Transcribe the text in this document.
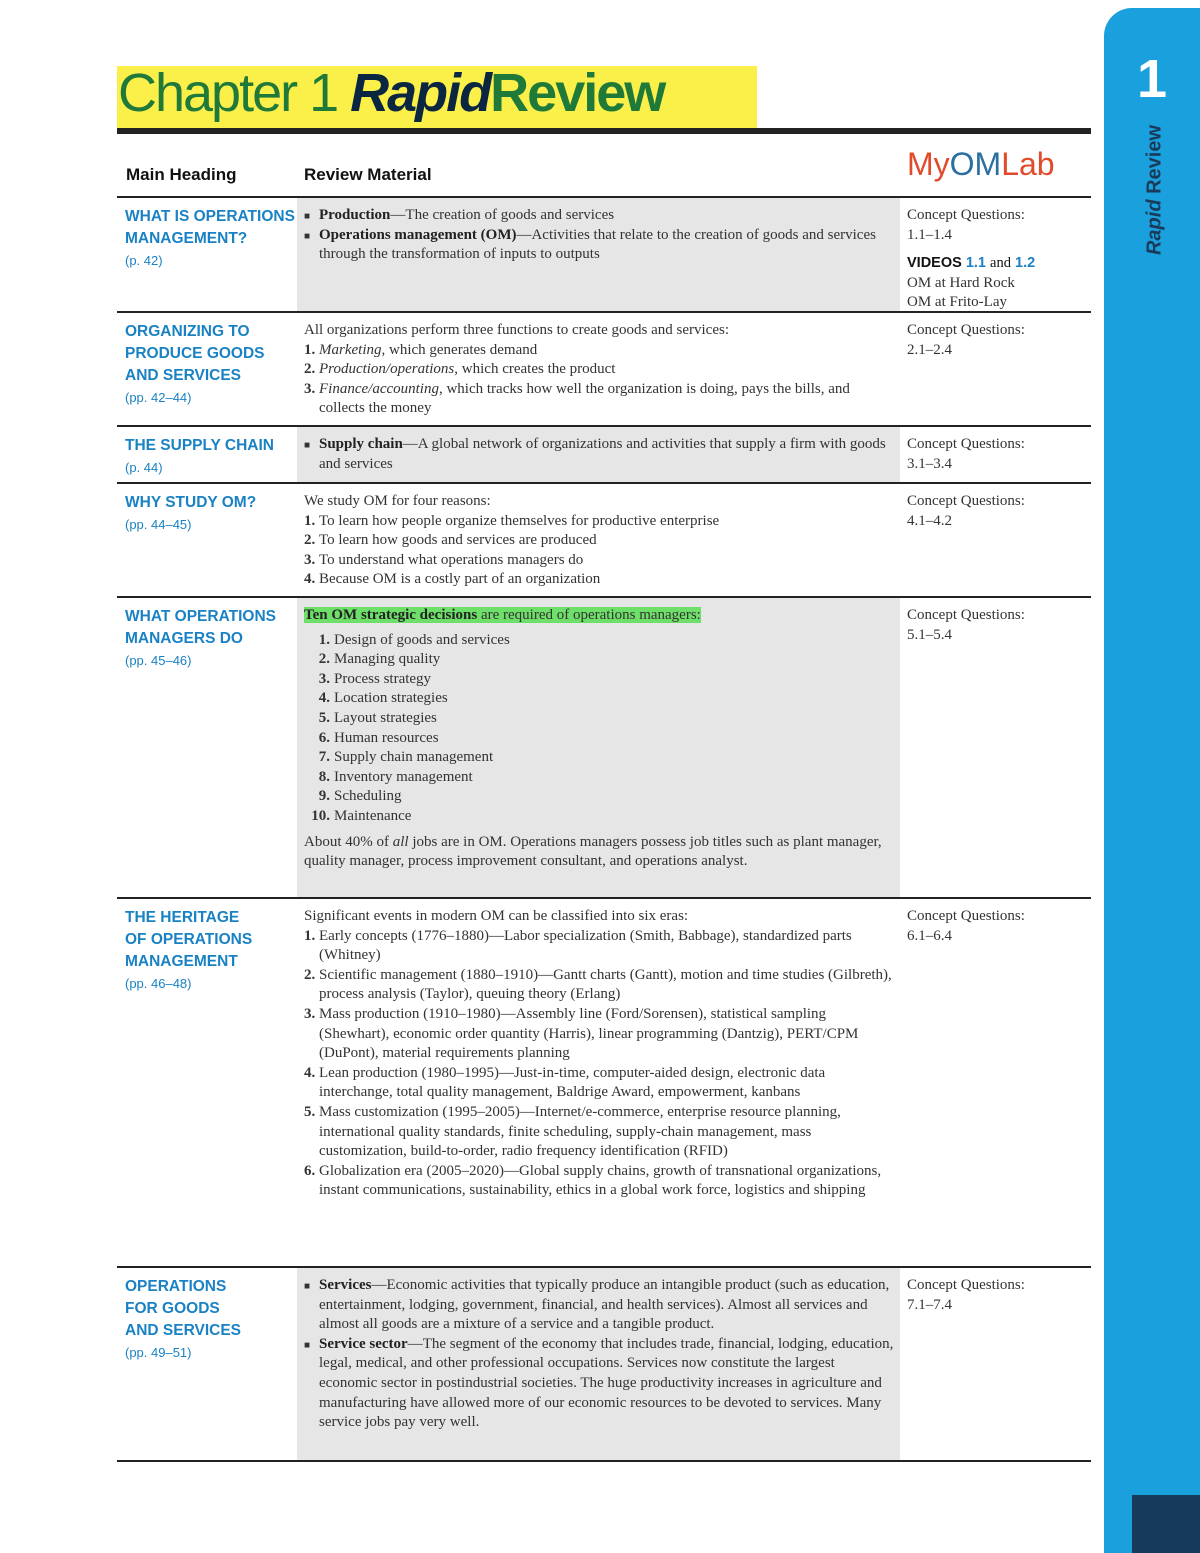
1
Rapid Review
Chapter 1 RapidReview
Main Heading	Review Material	MyOMLab
WHAT IS OPERATIONS
MANAGEMENT?
(p. 42)
■ Production—The creation of goods and services
■ Operations management (OM)—Activities that relate to the creation of goods and services through the transformation of inputs to outputs
Concept Questions:
1.1–1.4
VIDEOS 1.1 and 1.2
OM at Hard Rock
OM at Frito-Lay
ORGANIZING TO
PRODUCE GOODS
AND SERVICES
(pp. 42–44)

All organizations perform three functions to create goods and services:

1. Marketing, which generates demand
2. Production/operations, which creates the product
3. Finance/accounting, which tracks how well the organization is doing, pays the bills, and collects the money
Concept Questions:
2.1–2.4
THE SUPPLY CHAIN
(p. 44)
■ Supply chain—A global network of organizations and activities that supply a firm with goods and services
Concept Questions:
3.1–3.4
WHY STUDY OM?
(pp. 44–45)

We study OM for four reasons:

1. To learn how people organize themselves for productive enterprise
2. To learn how goods and services are produced
3. To understand what operations managers do
4. Because OM is a costly part of an organization
Concept Questions:
4.1–4.2
WHAT OPERATIONS
MANAGERS DO
(pp. 45–46)

Ten OM strategic decisions are required of operations managers:

1. Design of goods and services
2. Managing quality
3. Process strategy
4. Location strategies
5. Layout strategies
6. Human resources
7. Supply chain management
8. Inventory management
9. Scheduling
10. Maintenance

About 40% of all jobs are in OM. Operations managers possess job titles such as plant manager, quality manager, process improvement consultant, and operations analyst.

Concept Questions:
5.1–5.4
THE HERITAGE
OF OPERATIONS
MANAGEMENT
(pp. 46–48)

Significant events in modern OM can be classified into six eras:

1. Early concepts (1776–1880)—Labor specialization (Smith, Babbage), standardized parts (Whitney)
2. Scientific management (1880–1910)—Gantt charts (Gantt), motion and time studies (Gilbreth), process analysis (Taylor), queuing theory (Erlang)
3. Mass production (1910–1980)—Assembly line (Ford/Sorensen), statistical sampling (Shewhart), economic order quantity (Harris), linear programming (Dantzig), PERT/CPM (DuPont), material requirements planning
4. Lean production (1980–1995)—Just-in-time, computer-aided design, electronic data interchange, total quality management, Baldrige Award, empowerment, kanbans
5. Mass customization (1995–2005)—Internet/e-commerce, enterprise resource planning, international quality standards, finite scheduling, supply-chain management, mass customization, build-to-order, radio frequency identification (RFID)
6. Globalization era (2005–2020)—Global supply chains, growth of transnational organizations, instant communications, sustainability, ethics in a global work force, logistics and shipping
Concept Questions:
6.1–6.4
OPERATIONS
FOR GOODS
AND SERVICES
(pp. 49–51)
■ Services—Economic activities that typically produce an intangible product (such as education, entertainment, lodging, government, financial, and health services). Almost all services and almost all goods are a mixture of a service and a tangible product.
■ Service sector—The segment of the economy that includes trade, financial, lodging, education, legal, medical, and other professional occupations. Services now constitute the largest economic sector in postindustrial societies. The huge productivity increases in agriculture and manufacturing have allowed more of our economic resources to be devoted to services. Many service jobs pay very well.
Concept Questions:
7.1–7.4
